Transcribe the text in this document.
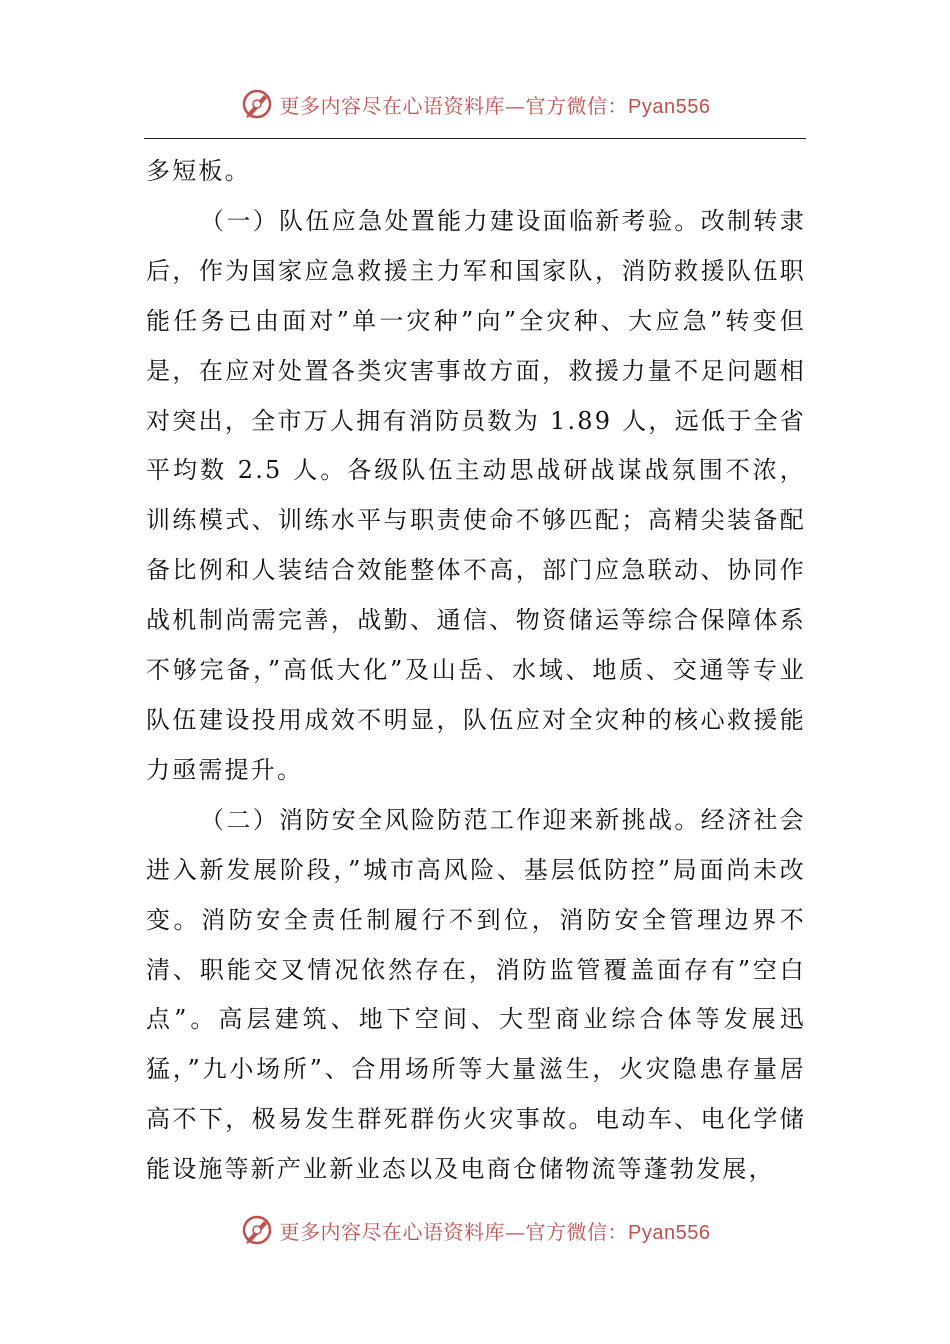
更多内容尽在心语资料库—官方微信：Pyan556

多短板。

（一）队伍应急处置能力建设面临新考验。改制转隶后，作为国家应急救援主力军和国家队，消防救援队伍职能任务已由面对”单一灾种”向”全灾种、大应急”转变但是，在应对处置各类灾害事故方面，救援力量不足问题相对突出，全市万人拥有消防员数为 1.89 人，远低于全省平均数 2.5 人。各级队伍主动思战研战谋战氛围不浓，训练模式、训练水平与职责使命不够匹配；高精尖装备配备比例和人装结合效能整体不高，部门应急联动、协同作战机制尚需完善，战勤、通信、物资储运等综合保障体系不够完备，”高低大化”及山岳、水域、地质、交通等专业队伍建设投用成效不明显，队伍应对全灾种的核心救援能力亟需提升。

（二）消防安全风险防范工作迎来新挑战。经济社会进入新发展阶段，”城市高风险、基层低防控”局面尚未改变。消防安全责任制履行不到位，消防安全管理边界不清、职能交叉情况依然存在，消防监管覆盖面存有”空白点”。高层建筑、地下空间、大型商业综合体等发展迅猛，”九小场所”、合用场所等大量滋生，火灾隐患存量居高不下，极易发生群死群伤火灾事故。电动车、电化学储能设施等新产业新业态以及电商仓储物流等蓬勃发展，

更多内容尽在心语资料库—官方微信：Pyan556
